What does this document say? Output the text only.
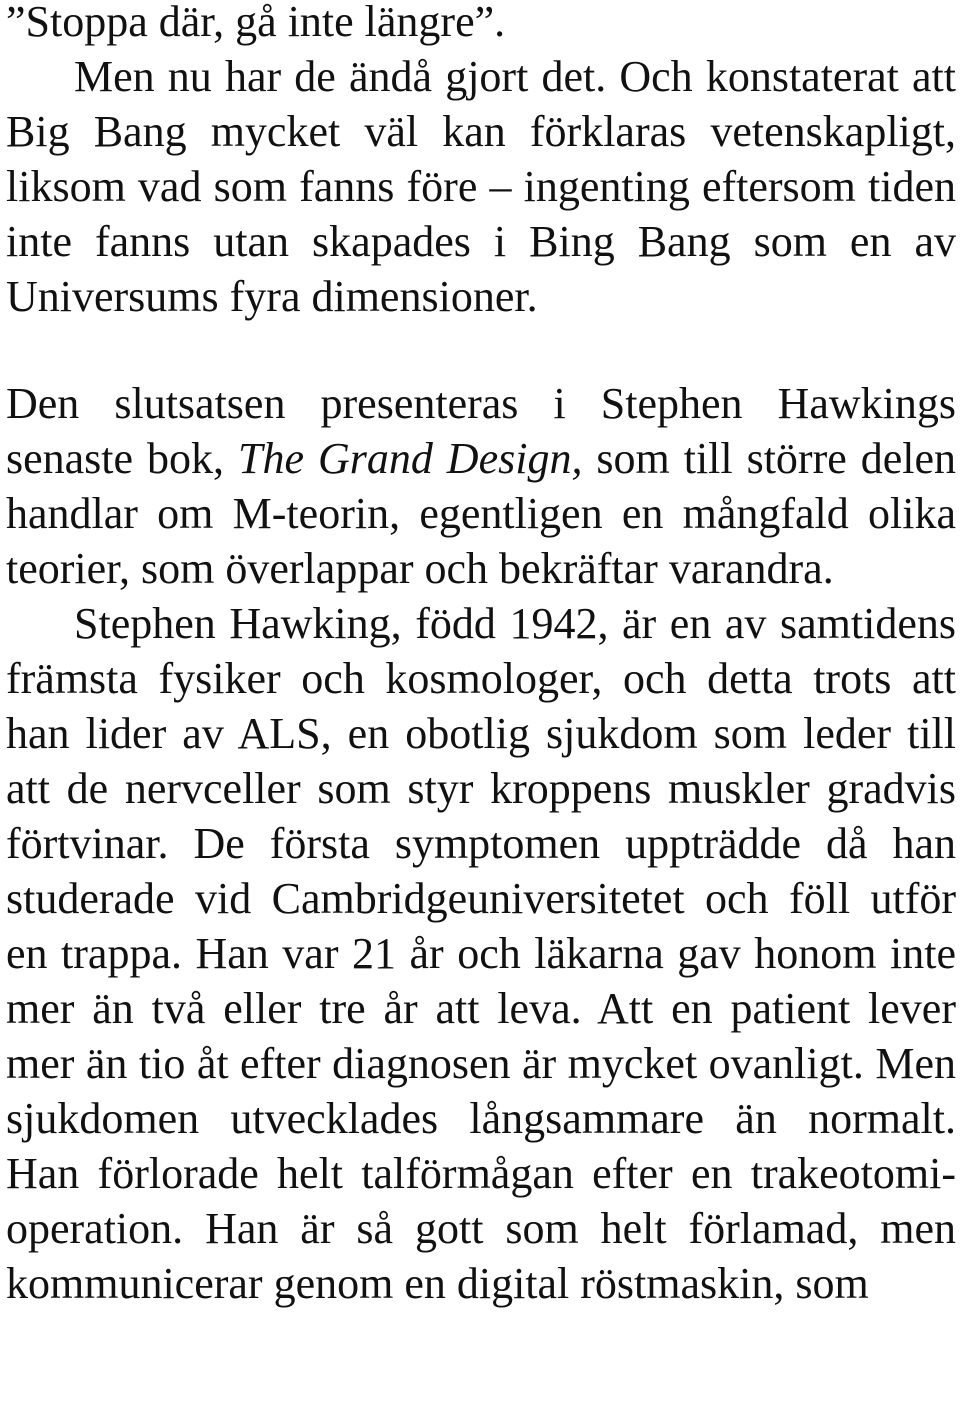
”Stoppa där, gå inte längre”.

Men nu har de ändå gjort det. Och konstaterat att Big Bang mycket väl kan förklaras vetenskapligt, liksom vad som fanns före – ingenting eftersom tiden inte fanns utan skapades i Bing Bang som en av Universums fyra dimensioner.

Den slutsatsen presenteras i Stephen Hawkings senaste bok, The Grand Design, som till större delen handlar om M-teorin, egentligen en mångfald olika teorier, som överlappar och bekräftar varandra.

Stephen Hawking, född 1942, är en av samtidens främsta fysiker och kosmologer, och detta trots att han lider av ALS, en obotlig sjukdom som leder till att de nervceller som styr kroppens muskler gradvis förtvinar. De första symptomen uppträdde då han studerade vid Cambridgeuniversitetet och föll utför en trappa. Han var 21 år och läkarna gav honom inte mer än två eller tre år att leva. Att en patient lever mer än tio åt efter diagnosen är mycket ovanligt. Men sjukdomen utvecklades långsammare än normalt. Han förlorade helt talförmågan efter en trakeotomioperation. Han är så gott som helt förlamad, men kommunicerar genom en digital röstmaskin, som
